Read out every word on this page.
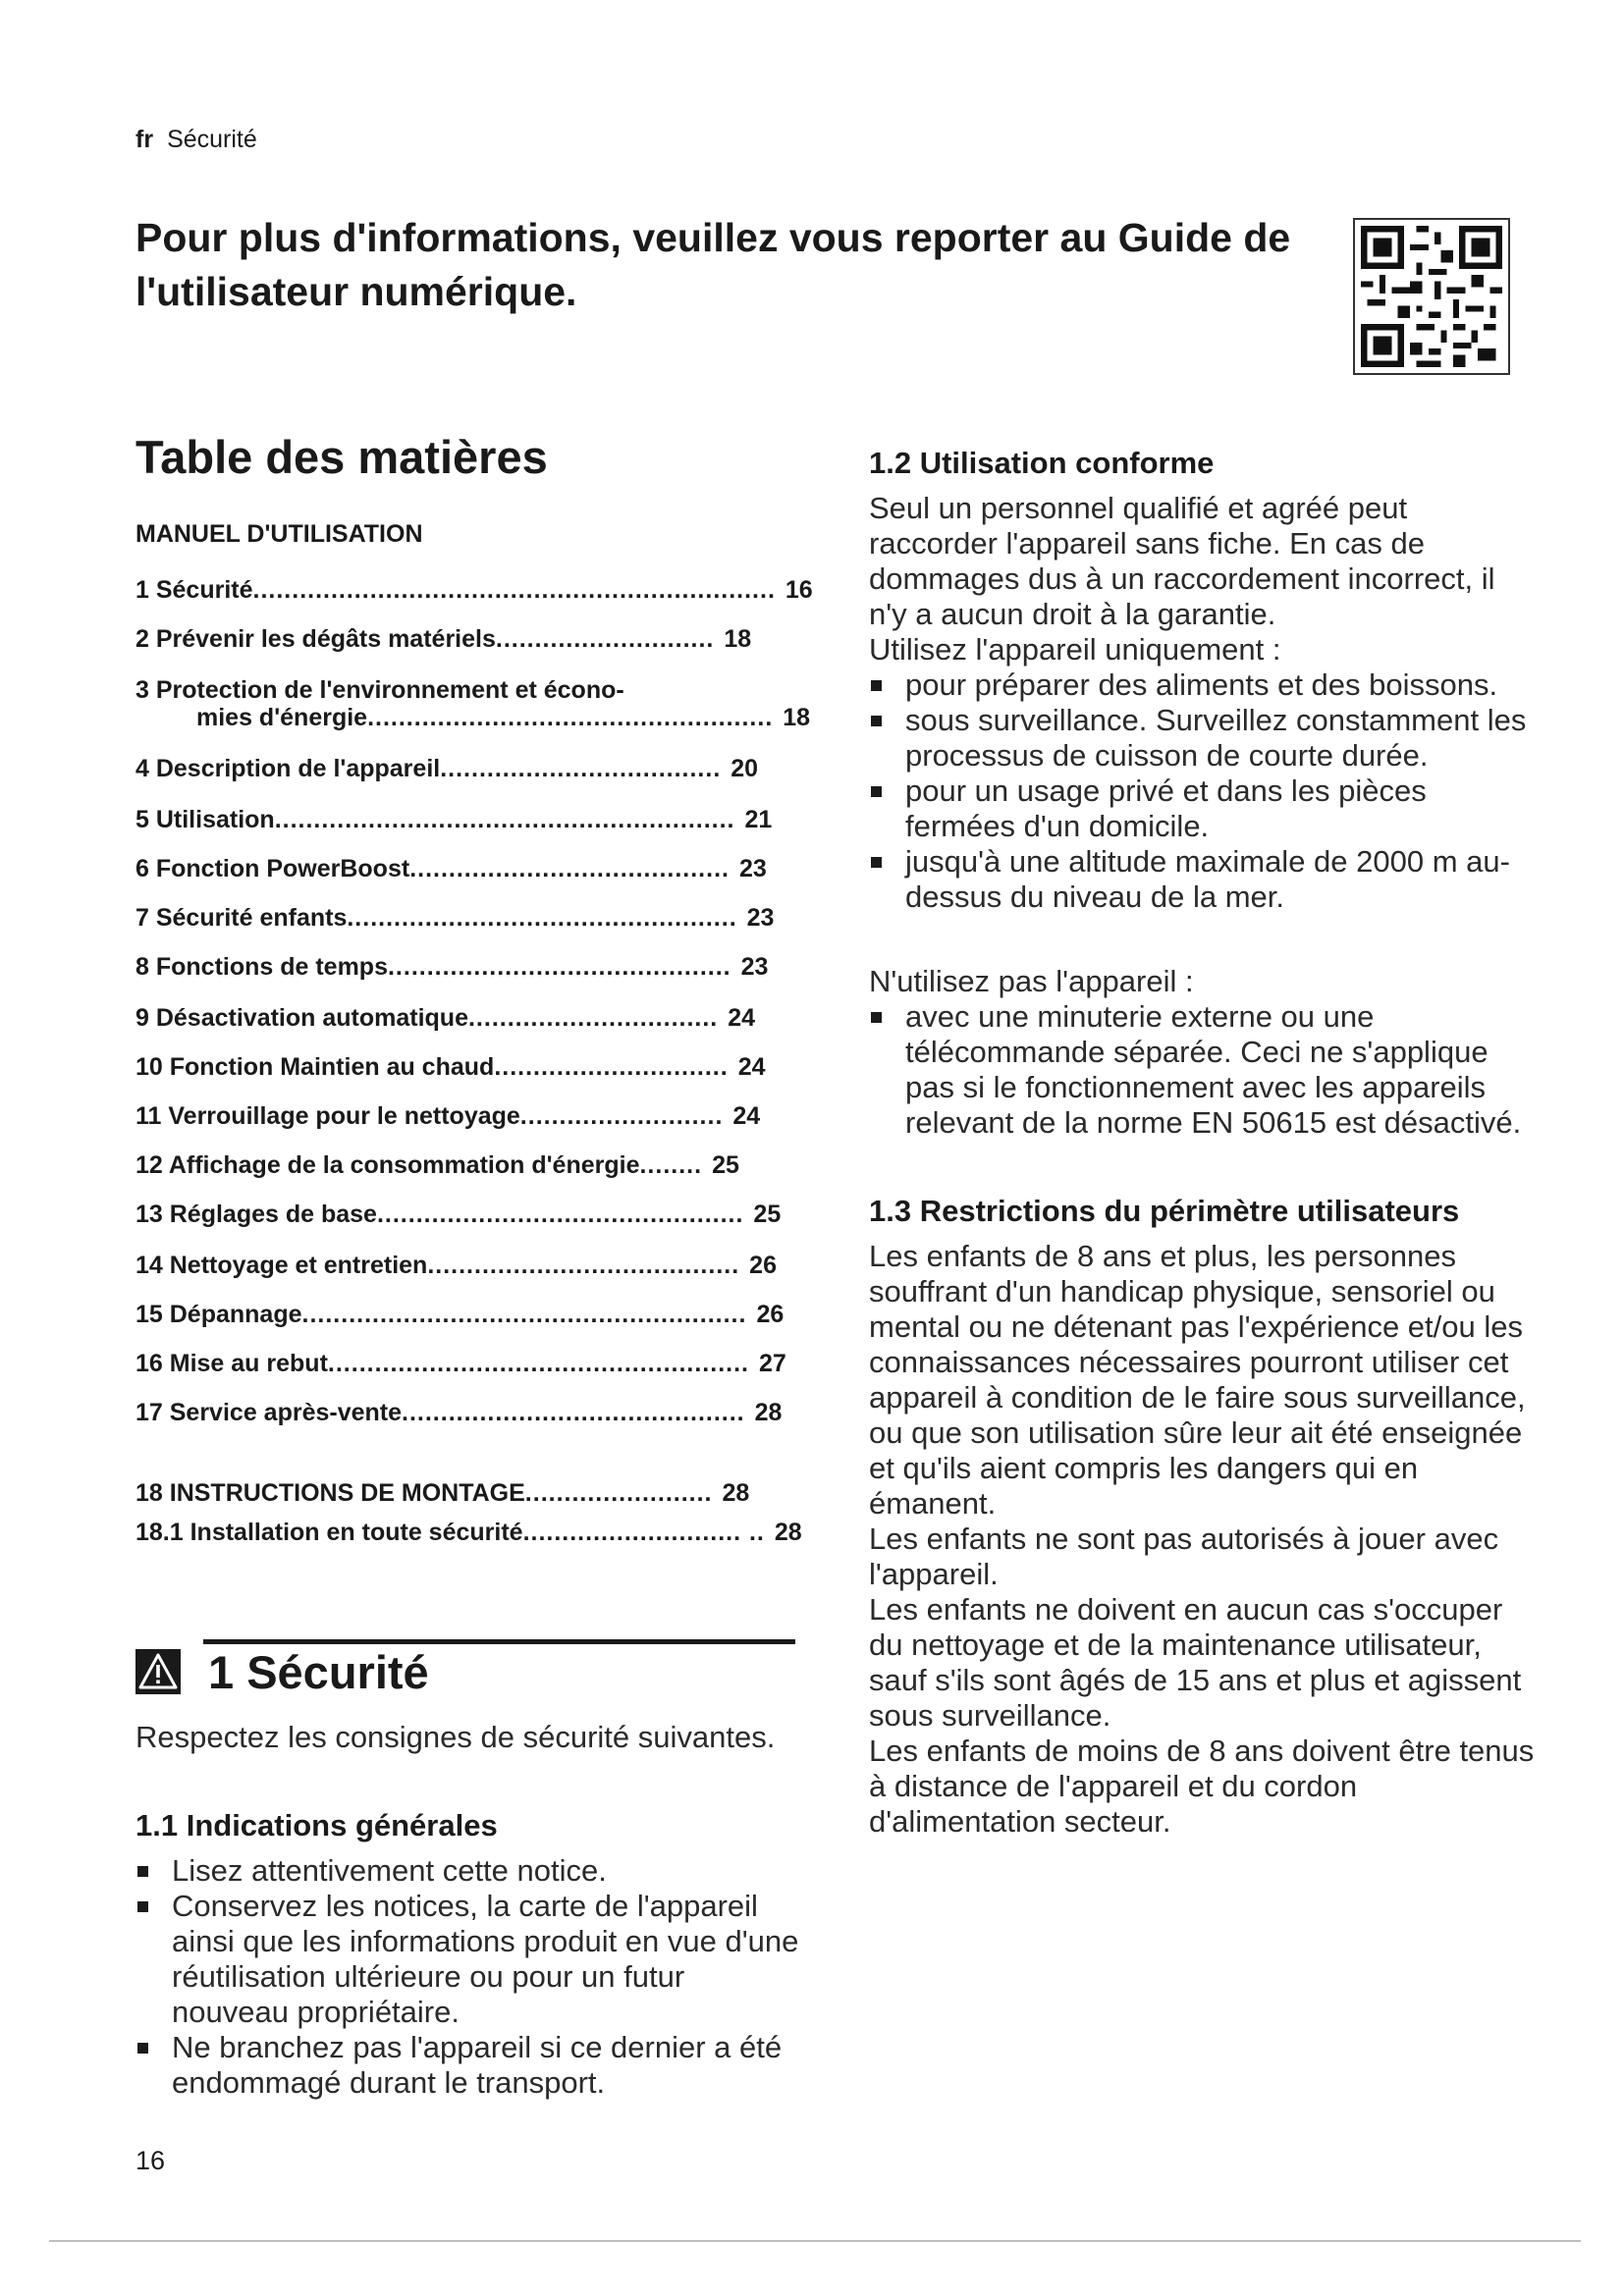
fr Sécurité
Pour plus d'informations, veuillez vous reporter au Guide de l'utilisateur numérique.
Table des matières
MANUEL D'UTILISATION
1 Sécurité................................................................... 16
2 Prévenir les dégâts matériels............................ 18
3 Protection de l'environnement et écono-
mies d'énergie.................................................... 18
4 Description de l'appareil.................................... 20
5 Utilisation........................................................... 21
6 Fonction PowerBoost......................................... 23
7 Sécurité enfants.................................................. 23
8 Fonctions de temps............................................ 23
9 Désactivation automatique................................ 24
10 Fonction Maintien au chaud.............................. 24
11 Verrouillage pour le nettoyage.......................... 24
12 Affichage de la consommation d'énergie........ 25
13 Réglages de base............................................... 25
14 Nettoyage et entretien........................................ 26
15 Dépannage......................................................... 26
16 Mise au rebut...................................................... 27
17 Service après-vente............................................ 28
18 INSTRUCTIONS DE MONTAGE........................ 28
18.1 Installation en toute sécurité............................ .. 28
1 Sécurité
Respectez les consignes de sécurité suivantes.
1.1 Indications générales
Lisez attentivement cette notice.
Conservez les notices, la carte de l'appareil ainsi que les informations produit en vue d'une réutilisation ultérieure ou pour un futur nouveau propriétaire.
Ne branchez pas l'appareil si ce dernier a été endommagé durant le transport.
1.2 Utilisation conforme
Seul un personnel qualifié et agréé peut raccorder l'appareil sans fiche. En cas de dommages dus à un raccordement incorrect, il n'y a aucun droit à la garantie.
Utilisez l'appareil uniquement :
pour préparer des aliments et des boissons.
sous surveillance. Surveillez constamment les processus de cuisson de courte durée.
pour un usage privé et dans les pièces fermées d'un domicile.
jusqu'à une altitude maximale de 2000 m au-dessus du niveau de la mer.
N'utilisez pas l'appareil :
avec une minuterie externe ou une télécommande séparée. Ceci ne s'applique pas si le fonctionnement avec les appareils relevant de la norme EN 50615 est désactivé.
1.3 Restrictions du périmètre utilisateurs

Les enfants de 8 ans et plus, les personnes souffrant d'un handicap physique, sensoriel ou mental ou ne détenant pas l'expérience et/ou les connaissances nécessaires pourront utiliser cet appareil à condition de le faire sous surveillance, ou que son utilisation sûre leur ait été enseignée et qu'ils aient compris les dangers qui en émanent.

Les enfants ne sont pas autorisés à jouer avec l'appareil.

Les enfants ne doivent en aucun cas s'occuper du nettoyage et de la maintenance utilisateur, sauf s'ils sont âgés de 15 ans et plus et agissent sous surveillance.

Les enfants de moins de 8 ans doivent être tenus à distance de l'appareil et du cordon d'alimentation secteur.

16
